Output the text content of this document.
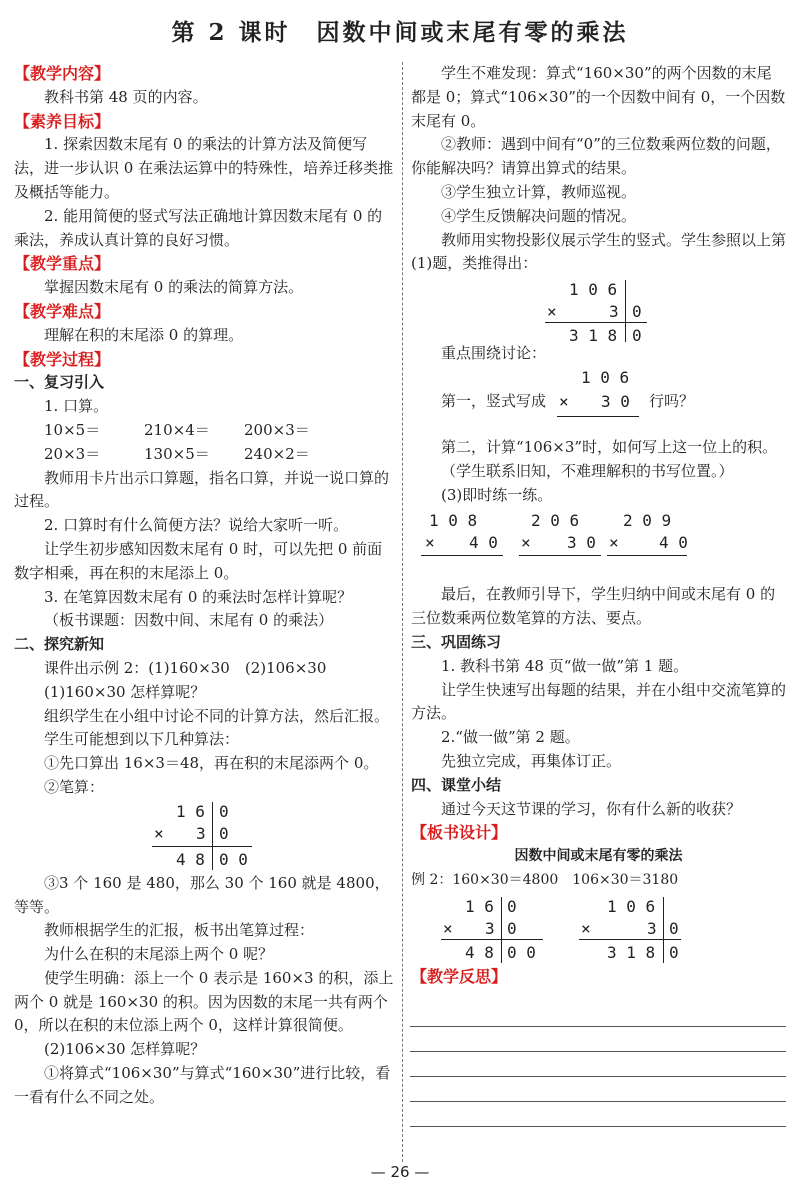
第 2 课时　因数中间或末尾有零的乘法

【教学内容】

教科书第 48 页的内容。

【素养目标】

1. 探索因数末尾有 0 的乘法的计算方法及简便写法，进一步认识 0 在乘法运算中的特殊性，培养迁移类推及概括等能力。

2. 能用简便的竖式写法正确地计算因数末尾有 0 的乘法，养成认真计算的良好习惯。

【教学重点】

掌握因数末尾有 0 的乘法的简算方法。

【教学难点】

理解在积的末尾添 0 的算理。

【教学过程】

一、复习引入

1. 口算。

10×5＝	210×4＝	200×3＝
20×3＝	130×5＝	240×2＝

教师用卡片出示口算题，指名口算，并说一说口算的过程。

2. 口算时有什么简便方法？说给大家听一听。

让学生初步感知因数末尾有 0 时，可以先把 0 前面数字相乘，再在积的末尾添上 0。

3. 在笔算因数末尾有 0 的乘法时怎样计算呢？

（板书课题：因数中间、末尾有 0 的乘法）

二、探究新知

课件出示例 2：(1)160×30　(2)106×30

(1)160×30 怎样算呢？

组织学生在小组中讨论不同的计算方法，然后汇报。

学生可能想到以下几种算法：

①先口算出 16×3＝48，再在积的末尾添两个 0。

②笔算：

1 6 0
× 3 0
4 8 0 0

③3 个 160 是 480，那么 30 个 160 就是 4800，等等。

教师根据学生的汇报，板书出笔算过程：

为什么在积的末尾添上两个 0 呢？

使学生明确：添上一个 0 表示是 160×3 的积，添上两个 0 就是 160×30 的积。因为因数的末尾一共有两个 0，所以在积的末位添上两个 0，这样计算很简便。

(2)106×30 怎样算呢？

①将算式“106×30”与算式“160×30”进行比较，看一看有什么不同之处。

学生不难发现：算式“160×30”的两个因数的末尾都是 0；算式“106×30”的一个因数中间有 0，一个因数末尾有 0。

②教师：遇到中间有“0”的三位数乘两位数的问题，你能解决吗？请算出算式的结果。

③学生独立计算，教师巡视。

④学生反馈解决问题的情况。

教师用实物投影仪展示学生的竖式。学生参照以上第(1)题，类推得出：

1 0 6
×	3 0
3 1 8 0

重点围绕讨论：

第一，竖式写成
1 0 6
× 3 0 行吗？

第二，计算“106×3”时，如何写上这一位上的积。

（学生联系旧知，不难理解积的书写位置。）

(3)即时练一练。

1 0 8
× 4 0
2 0 6
× 3 0
2 0 9
×	4 0

最后，在教师引导下，学生归纳中间或末尾有 0 的三位数乘两位数笔算的方法、要点。

三、巩固练习

1. 教科书第 48 页“做一做”第 1 题。

让学生快速写出每题的结果，并在小组中交流笔算的方法。

2.“做一做”第 2 题。

先独立完成，再集体订正。

四、课堂小结

通过今天这节课的学习，你有什么新的收获？

【板书设计】

因数中间或末尾有零的乘法

例 2：160×30＝4800　106×30＝3180

1 6 0
× 3 0
4 8 0 0
1 0 6
×	3 0
3 1 8 0

【教学反思】

— 26 —
